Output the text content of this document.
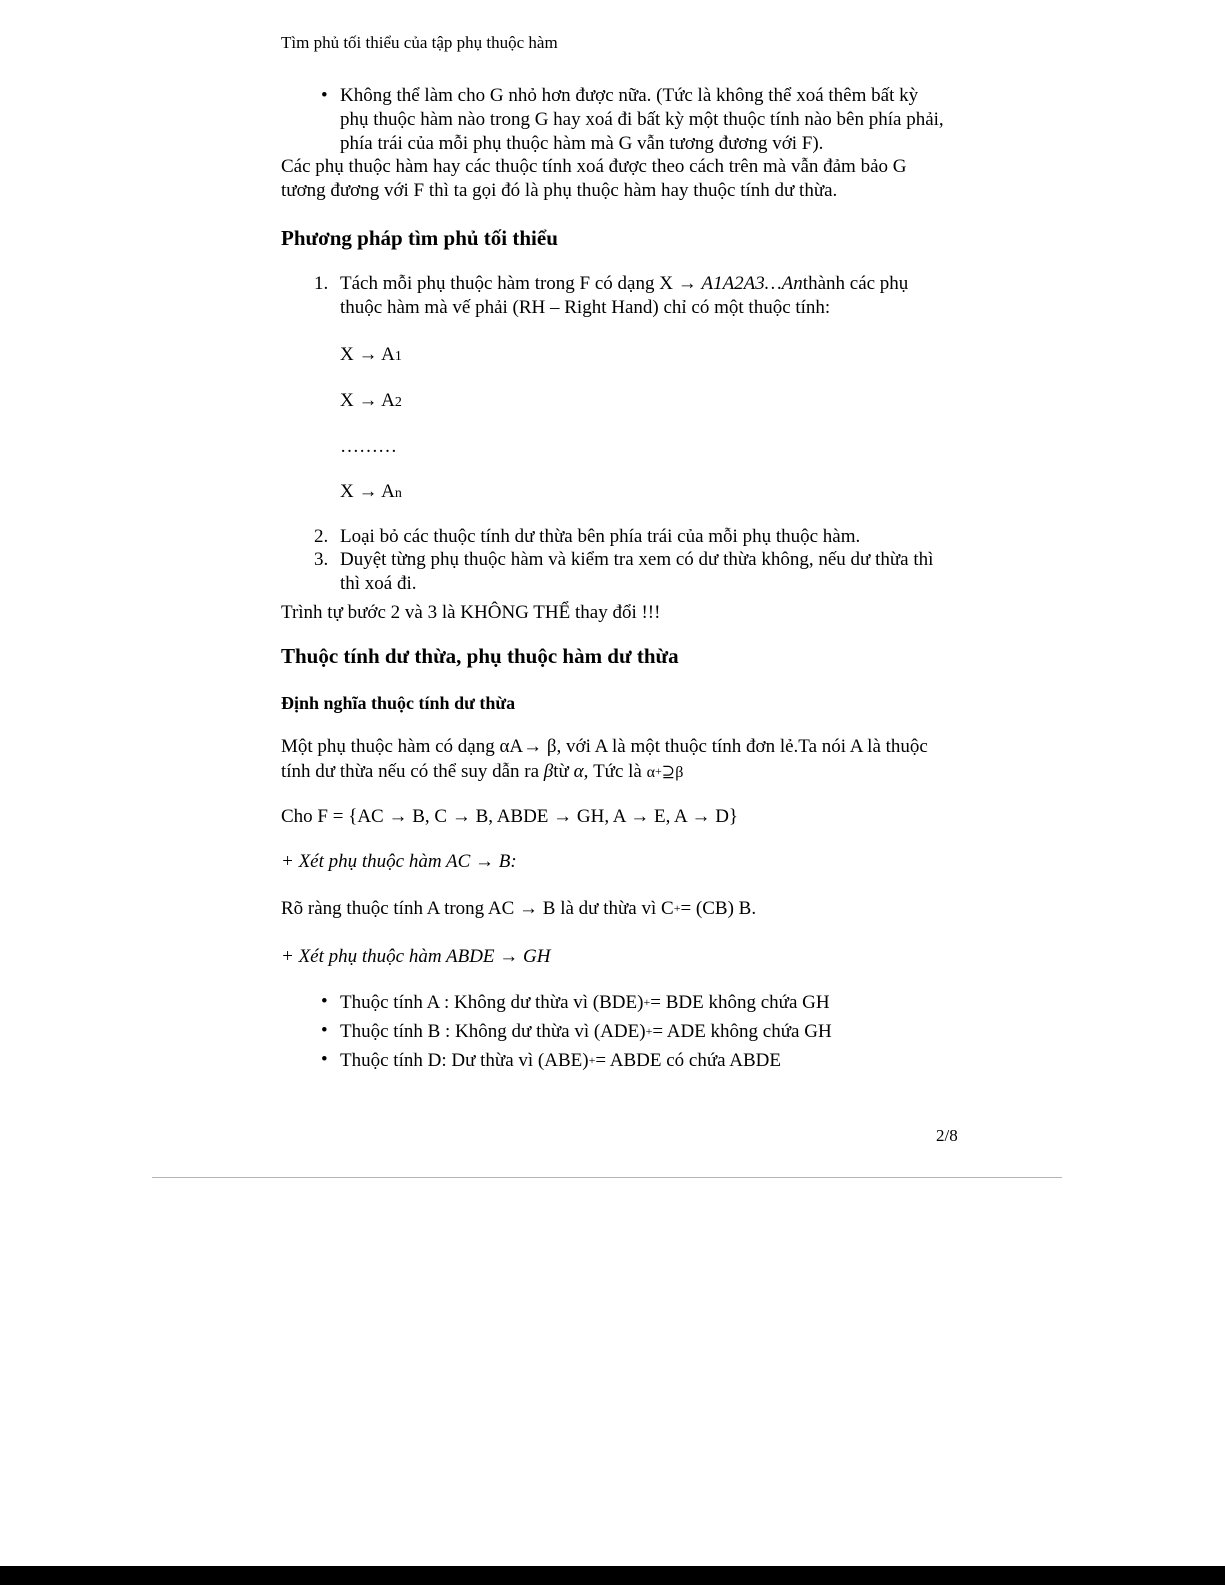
Tìm phủ tối thiểu của tập phụ thuộc hàm
• Không thể làm cho G nhỏ hơn được nữa. (Tức là không thể xoá thêm bất kỳ
phụ thuộc hàm nào trong G hay xoá đi bất kỳ một thuộc tính nào bên phía phải,
phía trái của mỗi phụ thuộc hàm mà G vẫn tương đương với F).
Các phụ thuộc hàm hay các thuộc tính xoá được theo cách trên mà vẫn đảm bảo G
tương đương với F thì ta gọi đó là phụ thuộc hàm hay thuộc tính dư thừa.
Phương pháp tìm phủ tối thiểu
1. Tách mỗi phụ thuộc hàm trong F có dạng X → A1A2A3…Anthành các phụ
thuộc hàm mà vế phải (RH – Right Hand) chỉ có một thuộc tính:
X → A1
X → A2
………
X → An
2. Loại bỏ các thuộc tính dư thừa bên phía trái của mỗi phụ thuộc hàm.
3. Duyệt từng phụ thuộc hàm và kiểm tra xem có dư thừa không, nếu dư thừa thì
thì xoá đi.
Trình tự bước 2 và 3 là KHÔNG THỂ thay đổi !!!
Thuộc tính dư thừa, phụ thuộc hàm dư thừa
Định nghĩa thuộc tính dư thừa
Một phụ thuộc hàm có dạng αA→ β, với A là một thuộc tính đơn lẻ.Ta nói A là thuộc
tính dư thừa nếu có thể suy dẫn ra βtừ α, Tức là α+⊇β
Cho F = {AC → B, C → B, ABDE → GH, A → E, A → D}
+ Xét phụ thuộc hàm AC → B:
Rõ ràng thuộc tính A trong AC → B là dư thừa vì C+= (CB) B.
+ Xét phụ thuộc hàm ABDE → GH
• Thuộc tính A : Không dư thừa vì (BDE)+= BDE không chứa GH
• Thuộc tính B : Không dư thừa vì (ADE)+= ADE không chứa GH
• Thuộc tính D: Dư thừa vì (ABE)+= ABDE có chứa ABDE
2/8
